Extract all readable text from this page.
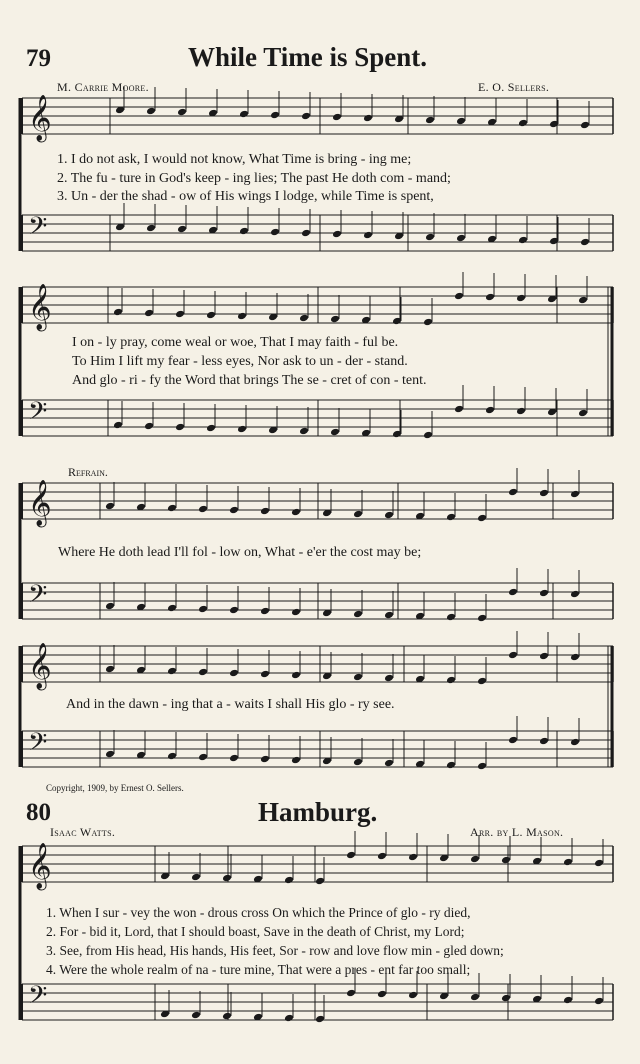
𝄞
𝄢
𝄞
𝄢
𝄞
𝄢
𝄞
𝄢
𝄞
𝄢
79	While Time is Spent.
M. Carrie Moore.	E. O. Sellers.
1. I do not ask, I would not know, What Time is bring - ing me;
2. The fu - ture in God's keep - ing lies; The past He doth com - mand;
3. Un - der the shad - ow of His wings I lodge, while Time is spent,
I on - ly pray, come weal or woe, That I may faith - ful be.
To Him I lift my fear - less eyes, Nor ask to un - der - stand.
And glo - ri - fy the Word that brings The se - cret of con - tent.
Refrain.
Where He doth lead I'll fol - low on, What - e'er the cost may be;
And in the dawn - ing that a - waits I shall His glo - ry see.
Copyright, 1909, by Ernest O. Sellers.
80	Hamburg.
Isaac Watts.	Arr. by L. Mason.
1. When I sur - vey the won - drous cross On which the Prince of glo - ry died,
2. For - bid it, Lord, that I should boast, Save in the death of Christ, my Lord;
3. See, from His head, His hands, His feet, Sor - row and love flow min - gled down;
4. Were the whole realm of na - ture mine, That were a pres - ent far too small;
